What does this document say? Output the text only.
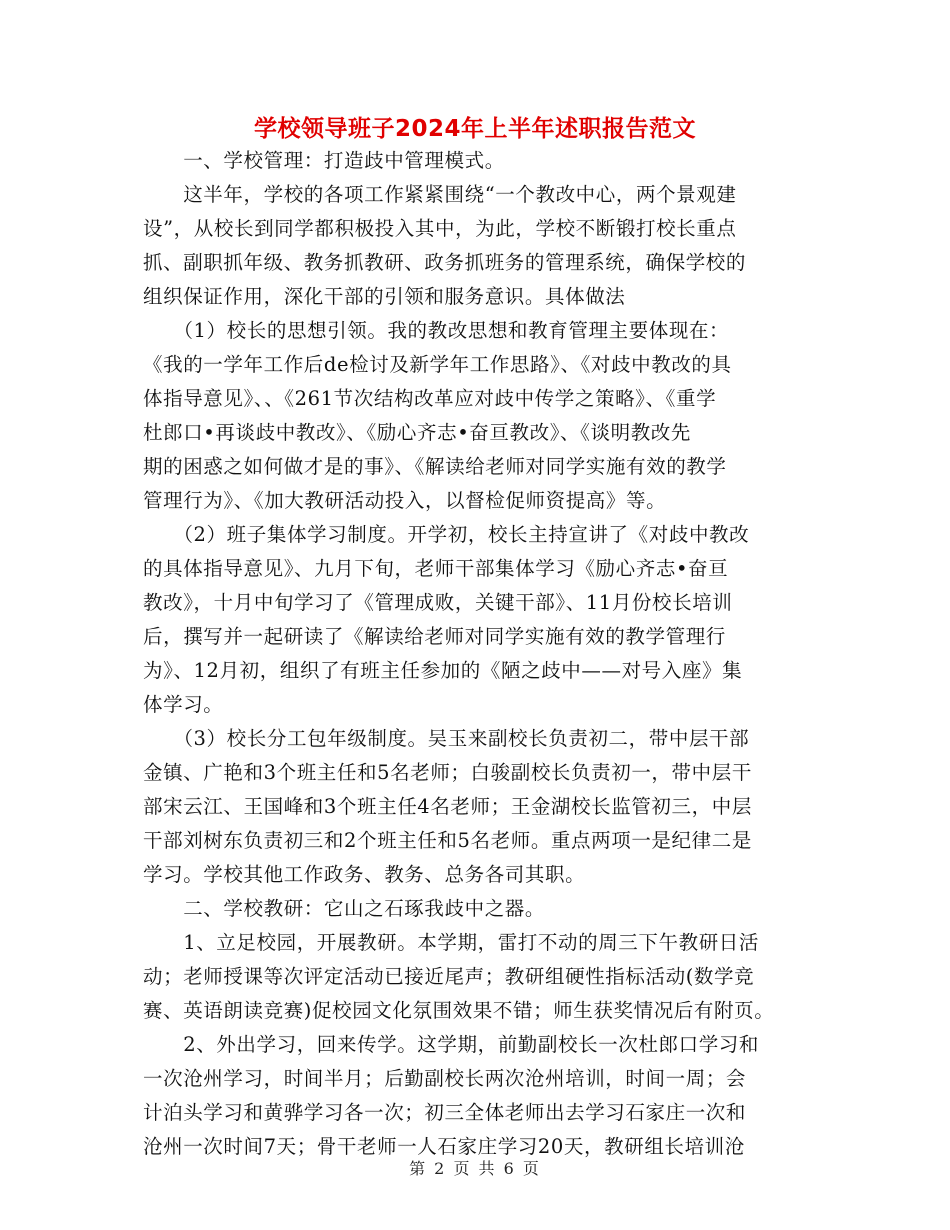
学校领导班子2024年上半年述职报告范文
　　一、学校管理：打造歧中管理模式。
　　这半年，学校的各项工作紧紧围绕“一个教改中心，两个景观建
设”，从校长到同学都积极投入其中，为此，学校不断锻打校长重点
抓、副职抓年级、教务抓教研、政务抓班务的管理系统，确保学校的
组织保证作用，深化干部的引领和服务意识。具体做法
　　（1）校长的思想引领。我的教改思想和教育管理主要体现在：
《我的一学年工作后de检讨及新学年工作思路》、《对歧中教改的具
体指导意见》、、《261节次结构改革应对歧中传学之策略》、《重学
杜郎口•再谈歧中教改》、《励心齐志•奋亘教改》、《谈明教改先
期的困惑之如何做才是的事》、《解读给老师对同学实施有效的教学
管理行为》、《加大教研活动投入，以督检促师资提高》等。
　　（2）班子集体学习制度。开学初，校长主持宣讲了《对歧中教改
的具体指导意见》、九月下旬，老师干部集体学习《励心齐志•奋亘
教改》，十月中旬学习了《管理成败，关键干部》、11月份校长培训
后，撰写并一起研读了《解读给老师对同学实施有效的教学管理行
为》、12月初，组织了有班主任参加的《陋之歧中——对号入座》集
体学习。
　　（3）校长分工包年级制度。吴玉来副校长负责初二，带中层干部
金镇、广艳和3个班主任和5名老师；白骏副校长负责初一，带中层干
部宋云江、王国峰和3个班主任4名老师；王金湖校长监管初三，中层
干部刘树东负责初三和2个班主任和5名老师。重点两项一是纪律二是
学习。学校其他工作政务、教务、总务各司其职。
　　二、学校教研：它山之石琢我歧中之器。
　　1、立足校园，开展教研。本学期，雷打不动的周三下午教研日活
动；老师授课等次评定活动已接近尾声；教研组硬性指标活动(数学竞
赛、英语朗读竞赛)促校园文化氛围效果不错；师生获奖情况后有附页。
　　2、外出学习，回来传学。这学期，前勤副校长一次杜郎口学习和
一次沧州学习，时间半月；后勤副校长两次沧州培训，时间一周；会
计泊头学习和黄骅学习各一次；初三全体老师出去学习石家庄一次和
沧州一次时间7天；骨干老师一人石家庄学习20天，教研组长培训沧
第 2 页 共 6 页
